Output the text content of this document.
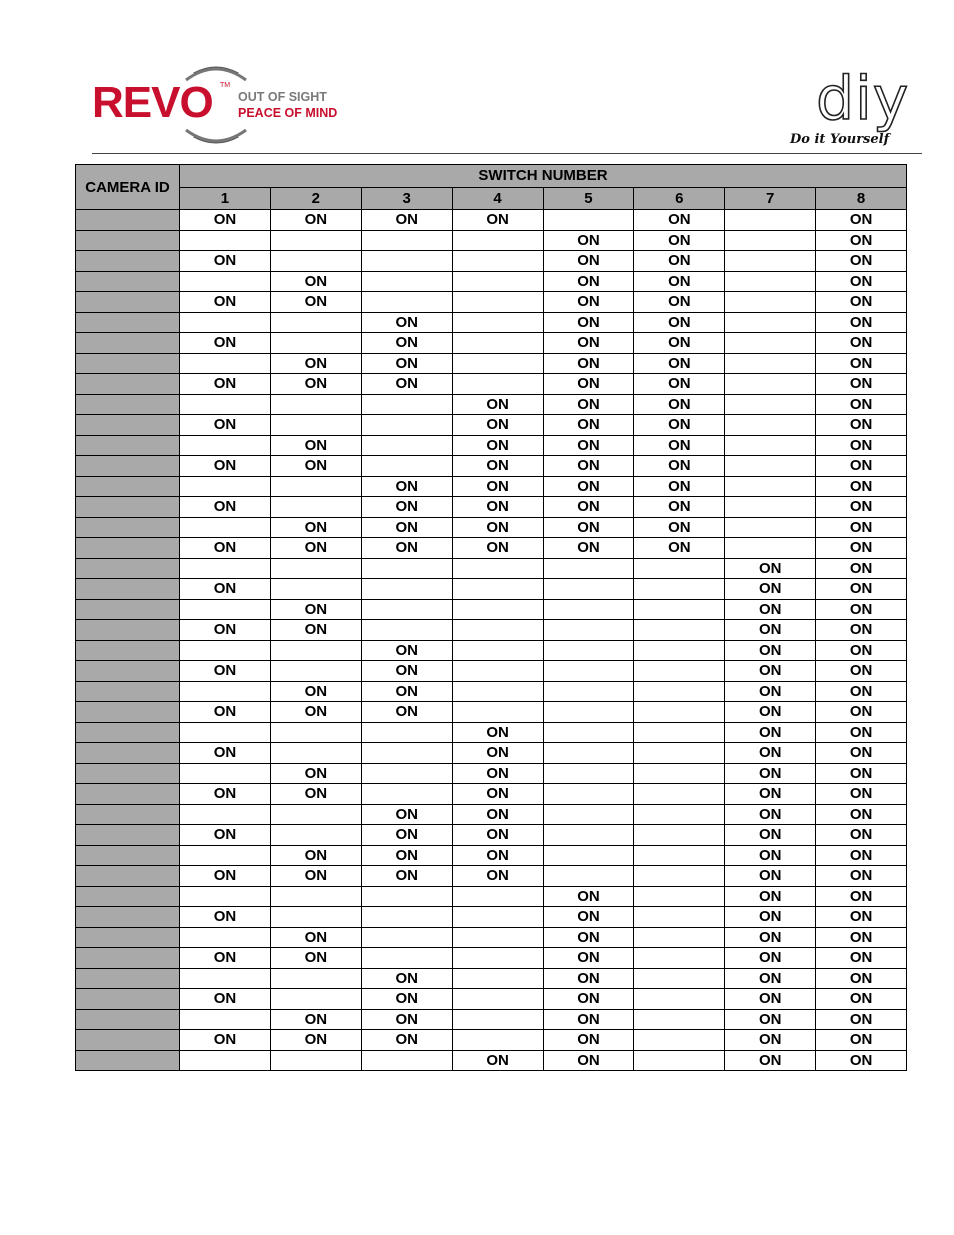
REVO TM
OUT OF SIGHT
PEACE OF MIND	diy
Do it Yourself
CAMERA ID	SWITCH NUMBER							
	1	2	3	4	5	6	7	8
	ON	ON	ON	ON		ON		ON
					ON	ON		ON
	ON				ON	ON		ON
		ON			ON	ON		ON
	ON	ON			ON	ON		ON
			ON		ON	ON		ON
	ON		ON		ON	ON		ON
		ON	ON		ON	ON		ON
	ON	ON	ON		ON	ON		ON
				ON	ON	ON		ON
	ON			ON	ON	ON		ON
		ON		ON	ON	ON		ON
	ON	ON		ON	ON	ON		ON
			ON	ON	ON	ON		ON
	ON		ON	ON	ON	ON		ON
		ON	ON	ON	ON	ON		ON
	ON	ON	ON	ON	ON	ON		ON
							ON	ON
	ON						ON	ON
		ON					ON	ON
	ON	ON					ON	ON
			ON				ON	ON
	ON		ON				ON	ON
		ON	ON				ON	ON
	ON	ON	ON				ON	ON
				ON			ON	ON
	ON			ON			ON	ON
		ON		ON			ON	ON
	ON	ON		ON			ON	ON
			ON	ON			ON	ON
	ON		ON	ON			ON	ON
		ON	ON	ON			ON	ON
	ON	ON	ON	ON			ON	ON
					ON		ON	ON
	ON				ON		ON	ON
		ON			ON		ON	ON
	ON	ON			ON		ON	ON
			ON		ON		ON	ON
	ON		ON		ON		ON	ON
		ON	ON		ON		ON	ON
	ON	ON	ON		ON		ON	ON
				ON	ON		ON	ON
